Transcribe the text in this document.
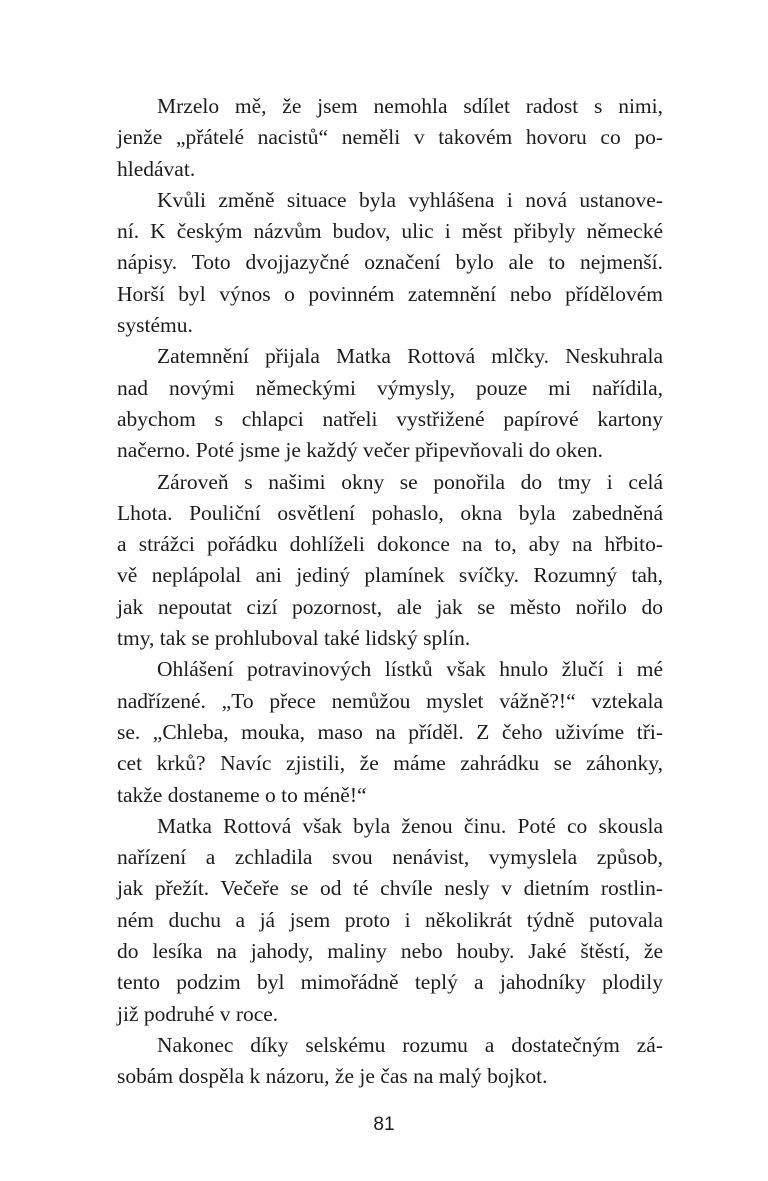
Mrzelo mě, že jsem nemohla sdílet radost s nimi,
jenže „přátelé nacistů“ neměli v takovém hovoru co po-
hledávat.
Kvůli změně situace byla vyhlášena i nová ustanove-
ní. K českým názvům budov, ulic i měst přibyly německé
nápisy. Toto dvojjazyčné označení bylo ale to nejmenší.
Horší byl výnos o povinném zatemnění nebo přídělovém
systému.
Zatemnění přijala Matka Rottová mlčky. Neskuhrala
nad novými německými výmysly, pouze mi nařídila,
abychom s chlapci natřeli vystřižené papírové kartony
načerno. Poté jsme je každý večer připevňovali do oken.
Zároveň s našimi okny se ponořila do tmy i celá
Lhota. Pouliční osvětlení pohaslo, okna byla zabedněná
a strážci pořádku dohlíželi dokonce na to, aby na hřbito-
vě neplápolal ani jediný plamínek svíčky. Rozumný tah,
jak nepoutat cizí pozornost, ale jak se město nořilo do
tmy, tak se prohluboval také lidský splín.
Ohlášení potravinových lístků však hnulo žlučí i mé
nadřízené. „To přece nemůžou myslet vážně?!“ vztekala
se. „Chleba, mouka, maso na příděl. Z čeho uživíme tři-
cet krků? Navíc zjistili, že máme zahrádku se záhonky,
takže dostaneme o to méně!“
Matka Rottová však byla ženou činu. Poté co skousla
nařízení a zchladila svou nenávist, vymyslela způsob,
jak přežít. Večeře se od té chvíle nesly v dietním rostlin-
ném duchu a já jsem proto i několikrát týdně putovala
do lesíka na jahody, maliny nebo houby. Jaké štěstí, že
tento podzim byl mimořádně teplý a jahodníky plodily
již podruhé v roce.
Nakonec díky selskému rozumu a dostatečným zá-
sobám dospěla k názoru, že je čas na malý bojkot.
81
